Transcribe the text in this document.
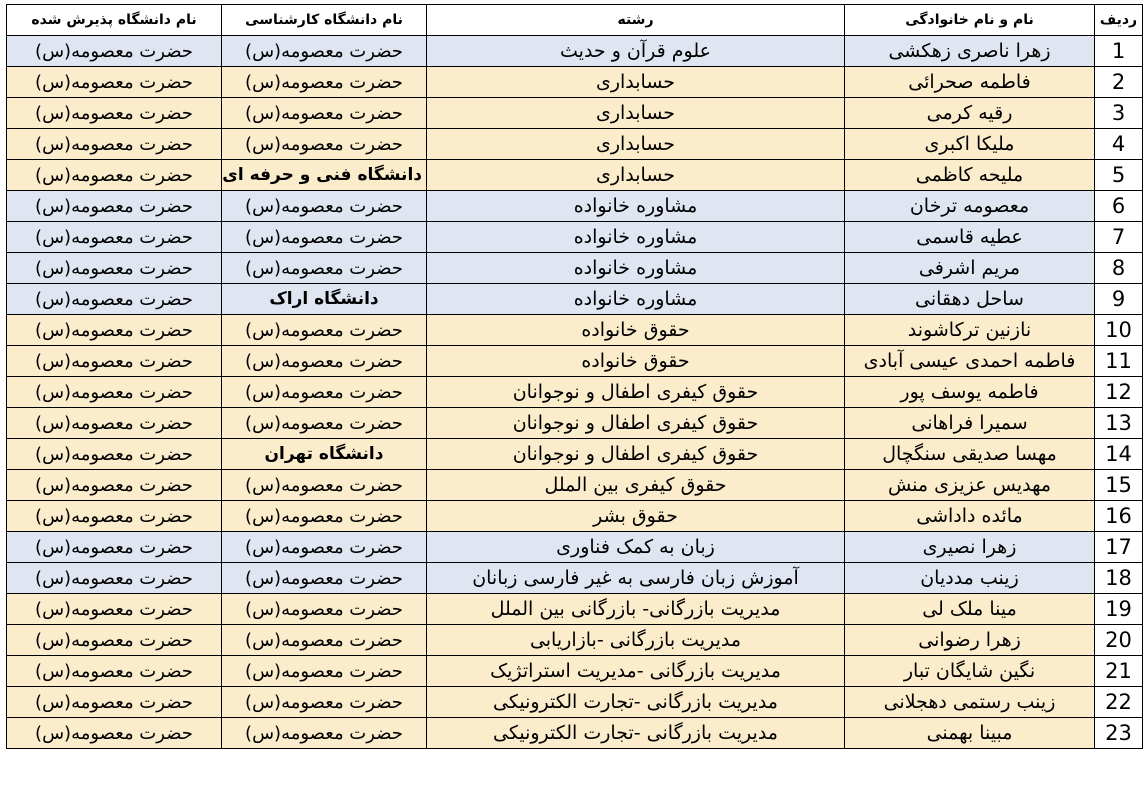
ردیف	نام و نام خانوادگی	رشته	نام دانشگاه کارشناسی	نام دانشگاه پذیرش شده
1	زهرا ناصری زهکشی	علوم قرآن و حدیث	حضرت معصومه(س)	حضرت معصومه(س)
2	فاطمه صحرائی	حسابداری	حضرت معصومه(س)	حضرت معصومه(س)
3	رقیه کرمی	حسابداری	حضرت معصومه(س)	حضرت معصومه(س)
4	ملیکا اکبری	حسابداری	حضرت معصومه(س)	حضرت معصومه(س)
5	ملیحه کاظمی	حسابداری	دانشگاه فنی و حرفه ای	حضرت معصومه(س)
6	معصومه ترخان	مشاوره خانواده	حضرت معصومه(س)	حضرت معصومه(س)
7	عطیه قاسمی	مشاوره خانواده	حضرت معصومه(س)	حضرت معصومه(س)
8	مریم اشرفی	مشاوره خانواده	حضرت معصومه(س)	حضرت معصومه(س)
9	ساحل دهقانی	مشاوره خانواده	دانشگاه اراک	حضرت معصومه(س)
10	نازنین ترکاشوند	حقوق خانواده	حضرت معصومه(س)	حضرت معصومه(س)
11	فاطمه احمدی عیسی آبادی	حقوق خانواده	حضرت معصومه(س)	حضرت معصومه(س)
12	فاطمه یوسف پور	حقوق کیفری اطفال و نوجوانان	حضرت معصومه(س)	حضرت معصومه(س)
13	سمیرا فراهانی	حقوق کیفری اطفال و نوجوانان	حضرت معصومه(س)	حضرت معصومه(س)
14	مهسا صدیقی سنگچال	حقوق کیفری اطفال و نوجوانان	دانشگاه تهران	حضرت معصومه(س)
15	مهدیس عزیزی منش	حقوق کیفری بین الملل	حضرت معصومه(س)	حضرت معصومه(س)
16	مائده داداشی	حقوق بشر	حضرت معصومه(س)	حضرت معصومه(س)
17	زهرا نصیری	زبان به کمک فناوری	حضرت معصومه(س)	حضرت معصومه(س)
18	زینب مددیان	آموزش زبان فارسی به غیر فارسی زبانان	حضرت معصومه(س)	حضرت معصومه(س)
19	مینا ملک لی	مدیریت بازرگانی- بازرگانی بین الملل	حضرت معصومه(س)	حضرت معصومه(س)
20	زهرا رضوانی	مدیریت بازرگانی -بازاریابی	حضرت معصومه(س)	حضرت معصومه(س)
21	نگین شایگان تبار	مدیریت بازرگانی -مدیریت استراتژیک	حضرت معصومه(س)	حضرت معصومه(س)
22	زینب رستمی دهجلانی	مدیریت بازرگانی -تجارت الکترونیکی	حضرت معصومه(س)	حضرت معصومه(س)
23	مبینا بهمنی	مدیریت بازرگانی -تجارت الکترونیکی	حضرت معصومه(س)	حضرت معصومه(س)
